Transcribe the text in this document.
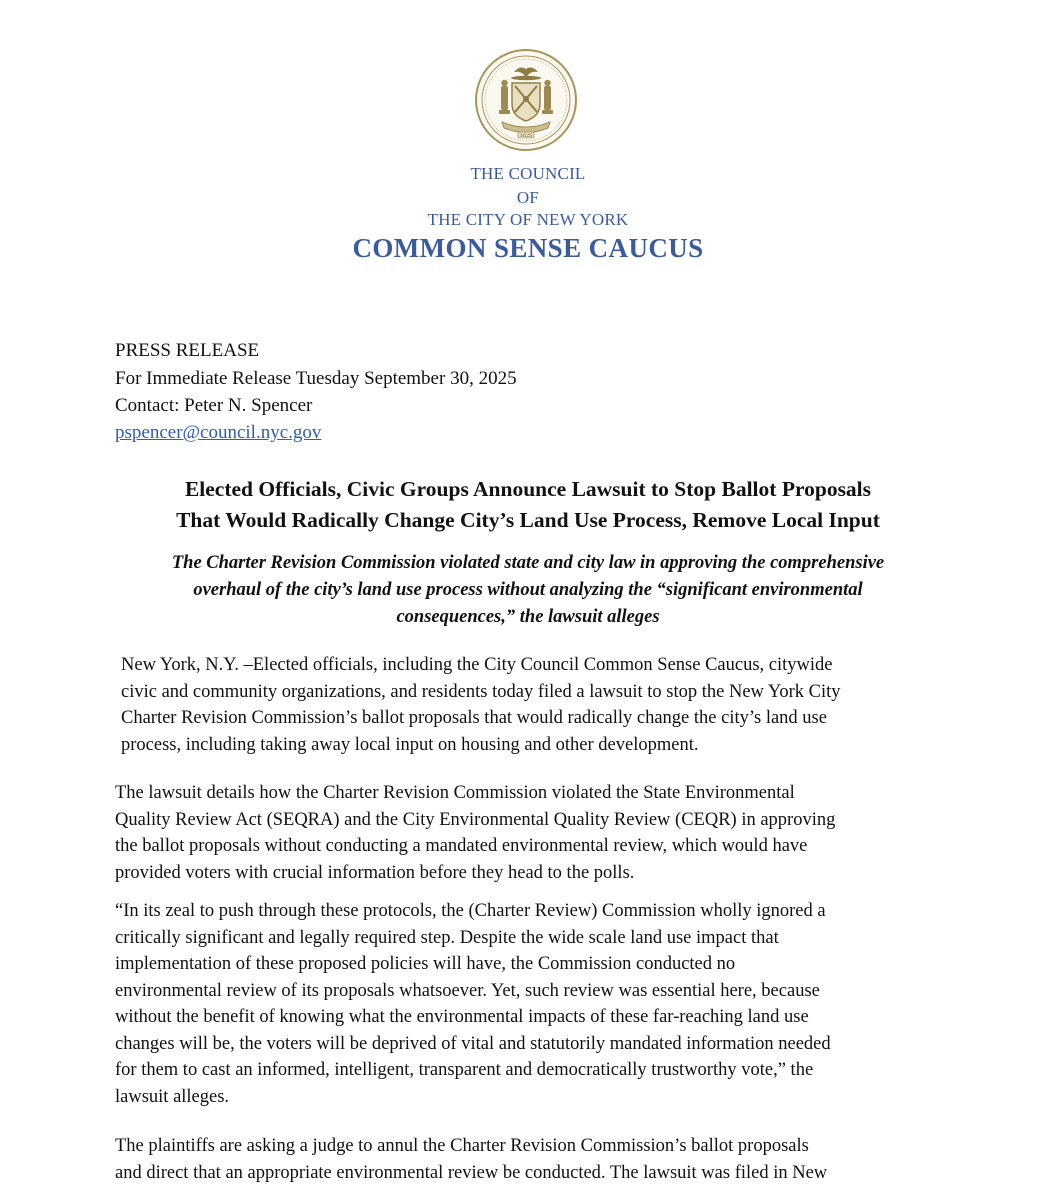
1625
THE COUNCIL
OF
THE CITY OF NEW YORK
COMMON SENSE CAUCUS
PRESS RELEASE
For Immediate Release Tuesday September 30, 2025
Contact: Peter N. Spencer
pspencer@council.nyc.gov
Elected Officials, Civic Groups Announce Lawsuit to Stop Ballot Proposals
That Would Radically Change City’s Land Use Process, Remove Local Input
The Charter Revision Commission violated state and city law in approving the comprehensive
overhaul of the city’s land use process without analyzing the “significant environmental
consequences,” the lawsuit alleges
New York, N.Y. –Elected officials, including the City Council Common Sense Caucus, citywide
civic and community organizations, and residents today filed a lawsuit to stop the New York City
Charter Revision Commission’s ballot proposals that would radically change the city’s land use
process, including taking away local input on housing and other development.
The lawsuit details how the Charter Revision Commission violated the State Environmental
Quality Review Act (SEQRA) and the City Environmental Quality Review (CEQR) in approving
the ballot proposals without conducting a mandated environmental review, which would have
provided voters with crucial information before they head to the polls.
“In its zeal to push through these protocols, the (Charter Review) Commission wholly ignored a
critically significant and legally required step. Despite the wide scale land use impact that
implementation of these proposed policies will have, the Commission conducted no
environmental review of its proposals whatsoever. Yet, such review was essential here, because
without the benefit of knowing what the environmental impacts of these far-reaching land use
changes will be, the voters will be deprived of vital and statutorily mandated information needed
for them to cast an informed, intelligent, transparent and democratically trustworthy vote,” the
lawsuit alleges.
The plaintiffs are asking a judge to annul the Charter Revision Commission’s ballot proposals
and direct that an appropriate environmental review be conducted. The lawsuit was filed in New
